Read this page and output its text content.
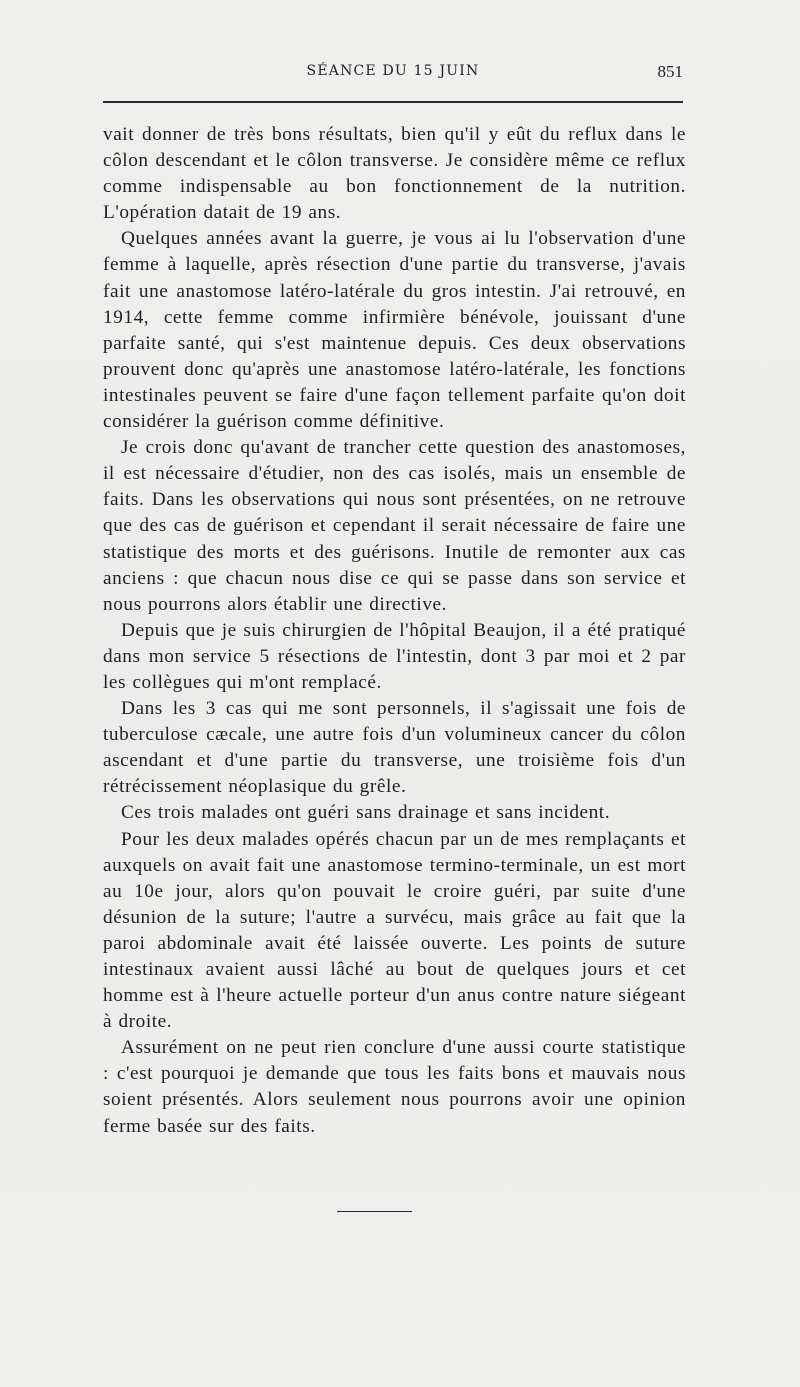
SÉANCE DU 15 JUIN	851

vait donner de très bons résultats, bien qu'il y eût du reflux dans le côlon descendant et le côlon transverse. Je considère même ce reflux comme indispensable au bon fonctionnement de la nutrition. L'opération datait de 19 ans.

Quelques années avant la guerre, je vous ai lu l'observation d'une femme à laquelle, après résection d'une partie du transverse, j'avais fait une anastomose latéro-latérale du gros intestin. J'ai retrouvé, en 1914, cette femme comme infirmière bénévole, jouissant d'une parfaite santé, qui s'est maintenue depuis. Ces deux observations prouvent donc qu'après une anastomose latéro-latérale, les fonctions intestinales peuvent se faire d'une façon tellement parfaite qu'on doit considérer la guérison comme définitive.

Je crois donc qu'avant de trancher cette question des anastomoses, il est nécessaire d'étudier, non des cas isolés, mais un ensemble de faits. Dans les observations qui nous sont présentées, on ne retrouve que des cas de guérison et cependant il serait nécessaire de faire une statistique des morts et des guérisons. Inutile de remonter aux cas anciens : que chacun nous dise ce qui se passe dans son service et nous pourrons alors établir une directive.

Depuis que je suis chirurgien de l'hôpital Beaujon, il a été pratiqué dans mon service 5 résections de l'intestin, dont 3 par moi et 2 par les collègues qui m'ont remplacé.

Dans les 3 cas qui me sont personnels, il s'agissait une fois de tuberculose cæcale, une autre fois d'un volumineux cancer du côlon ascendant et d'une partie du transverse, une troisième fois d'un rétrécissement néoplasique du grêle.

Ces trois malades ont guéri sans drainage et sans incident.

Pour les deux malades opérés chacun par un de mes remplaçants et auxquels on avait fait une anastomose termino-terminale, un est mort au 10e jour, alors qu'on pouvait le croire guéri, par suite d'une désunion de la suture; l'autre a survécu, mais grâce au fait que la paroi abdominale avait été laissée ouverte. Les points de suture intestinaux avaient aussi lâché au bout de quelques jours et cet homme est à l'heure actuelle porteur d'un anus contre nature siégeant à droite.

Assurément on ne peut rien conclure d'une aussi courte statistique : c'est pourquoi je demande que tous les faits bons et mauvais nous soient présentés. Alors seulement nous pourrons avoir une opinion ferme basée sur des faits.
